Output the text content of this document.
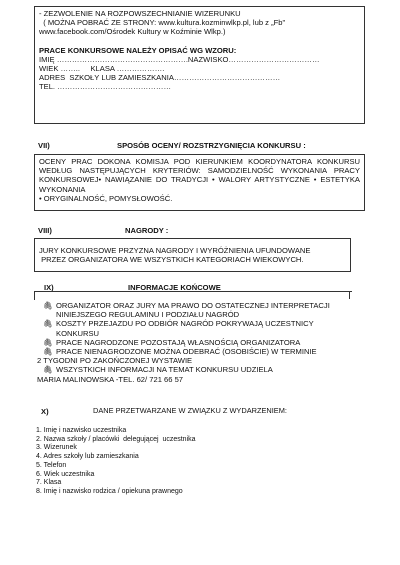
- ZEZWOLENIE NA ROZPOWSZECHNIANIE WIZERUNKU
( MOŻNA POBRAĆ ZE STRONY: www.kultura.kozminwlkp.pl, lub z „Fb"
www.facebook.com/Ośrodek Kultury w Koźminie Wlkp.)
PRACE KONKURSOWE NALEŻY OPISAĆ WG WZORU:
IMIĘ …………………………………………….NAZWISKO………………………………
WIEK ……..     KLASA ……………….
ADRES  SZKOŁY LUB ZAMIESZKANIA……………………………………
TEL. ………………………………………
VII)	SPOSÓB OCENY/ ROZSTRZYGNIĘCIA KONKURSU :
OCENY PRAC DOKONA KOMISJA POD KIERUNKIEM KOORDYNATORA KONKURSU WEDŁUG NASTĘPUJĄCYCH KRYTERIÓW: SAMODZIELNOŚĆ WYKONANIA PRACY KONKURSOWEJ• NAWIĄZANIE DO TRADYCJI • WALORY ARTYSTYCZNE • ESTETYKA WYKONANIA
• ORYGINALNOŚĆ, POMYSŁOWOŚĆ.
VIII)	NAGRODY :
JURY KONKURSOWE PRZYZNA NAGRODY I WYRÓŻNIENIA UFUNDOWANE
PRZEZ ORGANIZATORA WE WSZYSTKICH KATEGORIACH WIEKOWYCH.
IX)	INFORMACJE KOŃCOWE
🖇 ORGANIZATOR ORAZ JURY MA PRAWO DO OSTATECZNEJ INTERPRETACJI NINIEJSZEGO REGULAMINU I PODZIAŁU NAGRÓD
🖇 KOSZTY PRZEJAZDU PO ODBIÓR NAGRÓD POKRYWAJĄ UCZESTNICY KONKURSU
🖇 PRACE NAGRODZONE POZOSTAJĄ WŁASNOŚCIĄ ORGANIZATORA
🖇 PRACE NIENAGRODZONE MOŻNA ODEBRAĆ (OSOBIŚCIE) W TERMINIE
2 TYGODNI PO ZAKOŃCZONEJ WYSTAWIE
🖇 WSZYSTKICH INFORMACJI NA TEMAT KONKURSU UDZIELA
MARIA MALINOWSKA -TEL. 62/ 721 66 57
X)	DANE PRZETWARZANE W ZWIĄZKU Z WYDARZENIEM:
1. Imię i nazwisko uczestnika
2. Nazwa szkoły / placówki  delegującej  uczestnika
3. Wizerunek
4. Adres szkoły lub zamieszkania
5. Telefon
6. Wiek uczestnika
7. Klasa
8. Imię i nazwisko rodzica / opiekuna prawnego
